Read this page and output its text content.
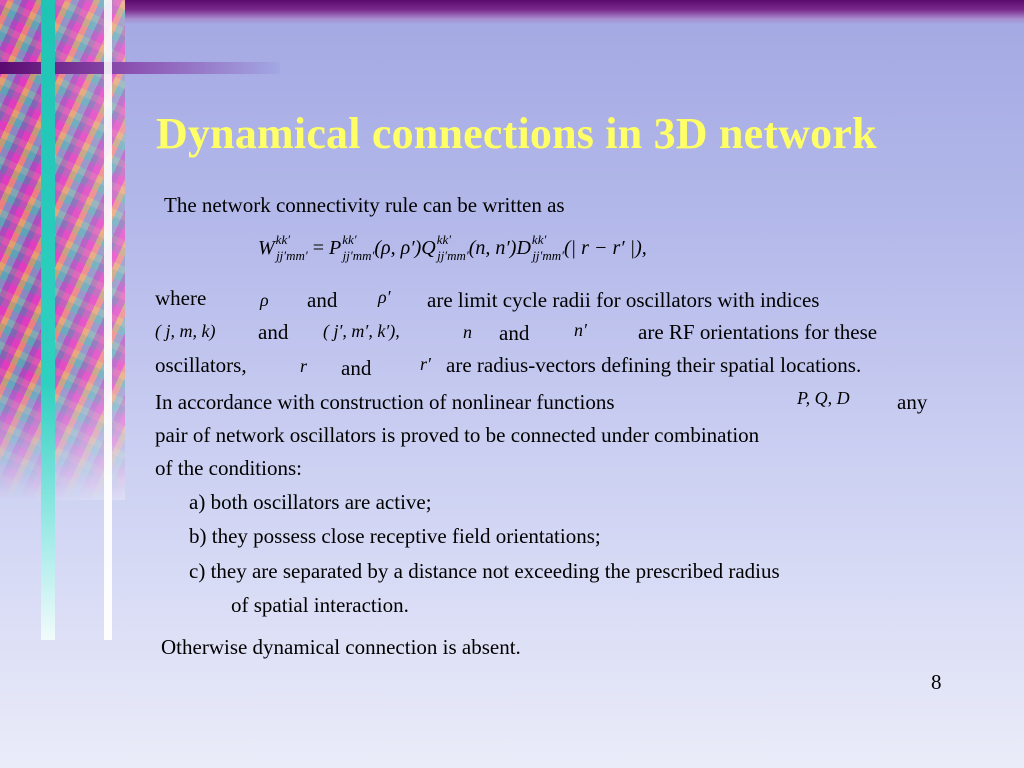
Dynamical connections in 3D network

The network connectivity rule can be written as

$W^{kk'}_{jj'mm'} = P^{kk'}_{jj'mm'}(\rho$, $\rho')Q^{kk'}_{jj'mm'}(n$, $n')D^{kk'}_{jj'mm'}(|$ r − r′ |),

where	ρ and ρ′ are limit cycle radii for oscillators with indices

( j, m, k) and ( j′, m′, k′),	n and n′ are RF orientations for these

oscillators,	r and	r′ are radius-vectors defining their spatial locations.

In accordance with construction of nonlinear functions	P, Q, D any

pair of network oscillators is proved to be connected under combination

of the conditions:

a) both oscillators are active;

b) they possess close receptive field orientations;

c) they are separated by a distance not exceeding the prescribed radius

of spatial interaction.

Otherwise dynamical connection is absent.

8
